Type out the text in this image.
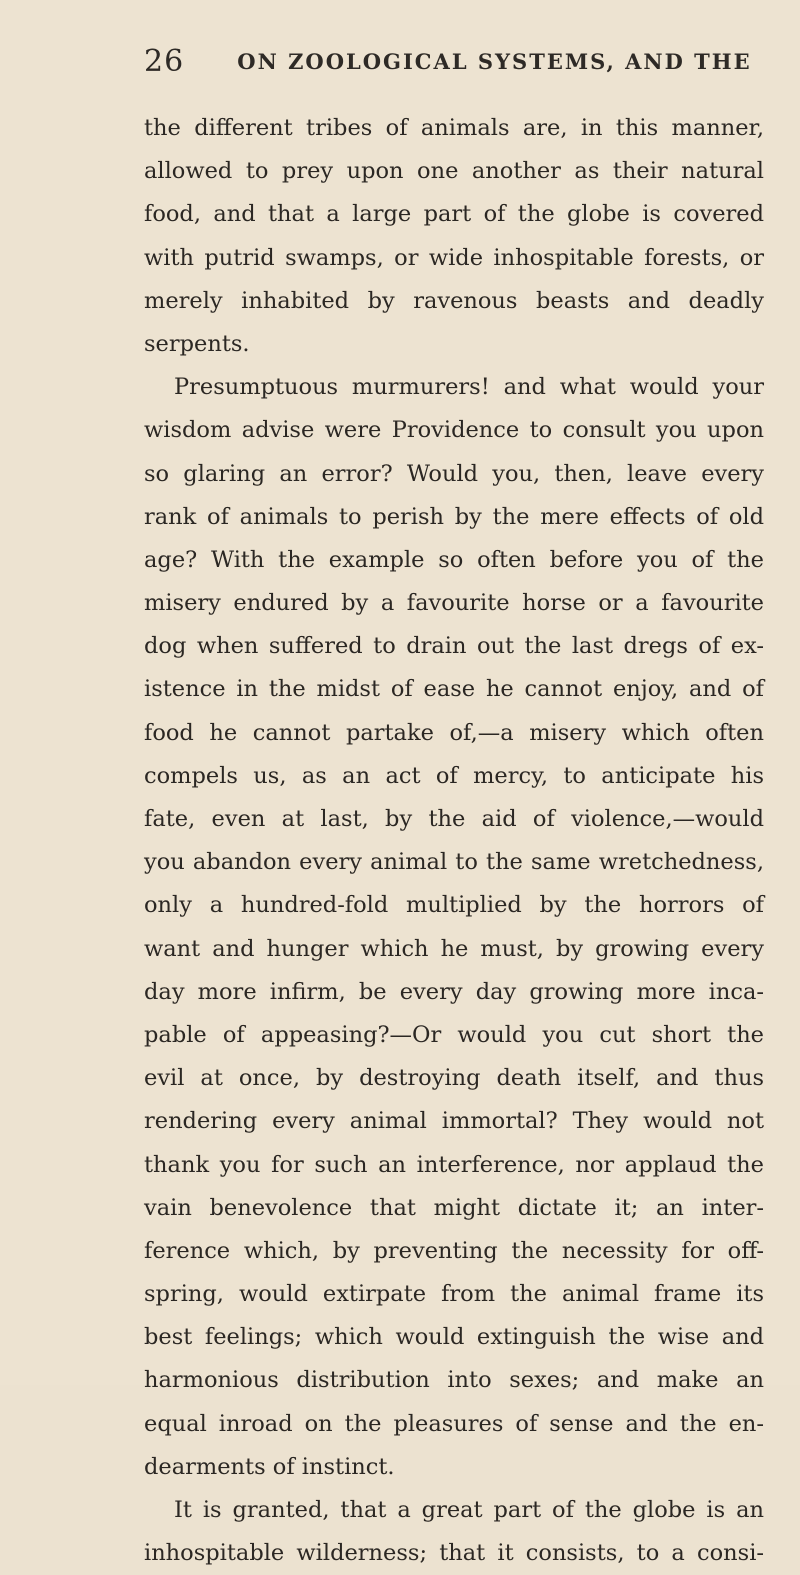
26	ON ZOOLOGICAL SYSTEMS, AND THE
the different tribes of animals are, in this manner,
allowed to prey upon one another as their natural
food, and that a large part of the globe is covered
with putrid swamps, or wide inhospitable forests, or
merely inhabited by ravenous beasts and deadly
serpents.
Presumptuous murmurers! and what would your
wisdom advise were Providence to consult you upon
so glaring an error? Would you, then, leave every
rank of animals to perish by the mere effects of old
age? With the example so often before you of the
misery endured by a favourite horse or a favourite
dog when suffered to drain out the last dregs of ex-
istence in the midst of ease he cannot enjoy, and of
food he cannot partake of,—a misery which often
compels us, as an act of mercy, to anticipate his
fate, even at last, by the aid of violence,—would
you abandon every animal to the same wretchedness,
only a hundred-fold multiplied by the horrors of
want and hunger which he must, by growing every
day more infirm, be every day growing more inca-
pable of appeasing?—Or would you cut short the
evil at once, by destroying death itself, and thus
rendering every animal immortal? They would not
thank you for such an interference, nor applaud the
vain benevolence that might dictate it; an inter-
ference which, by preventing the necessity for off-
spring, would extirpate from the animal frame its
best feelings; which would extinguish the wise and
harmonious distribution into sexes; and make an
equal inroad on the pleasures of sense and the en-
dearments of instinct.
It is granted, that a great part of the globe is an
inhospitable wilderness; that it consists, to a consi-
